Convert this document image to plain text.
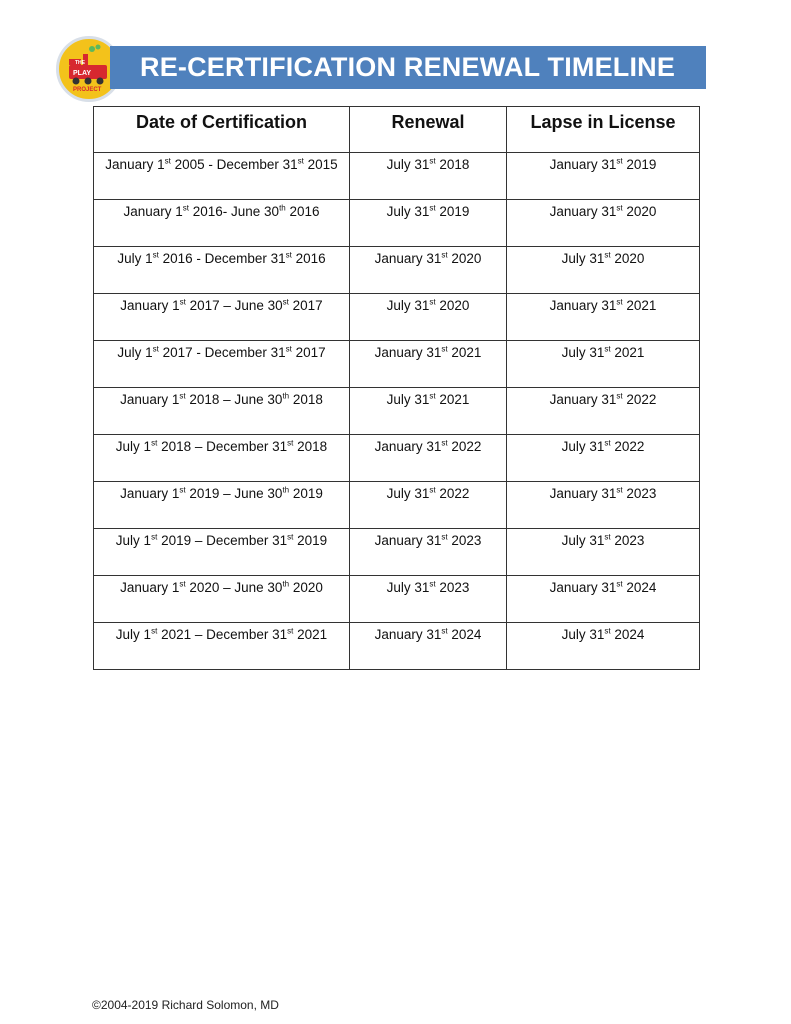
THE
PLAY
PROJECT
RE-CERTIFICATION RENEWAL TIMELINE
Date of Certification	Renewal	Lapse in License
January 1st 2005 - December 31st 2015	July 31st 2018	January 31st 2019
January 1st 2016- June 30th 2016	July 31st 2019	January 31st 2020
July 1st 2016 - December 31st 2016	January 31st 2020	July 31st 2020
January 1st 2017 – June 30st 2017	July 31st 2020	January 31st 2021
July 1st 2017 - December 31st 2017	January 31st 2021	July 31st 2021
January 1st 2018 – June 30th 2018	July 31st 2021	January 31st 2022
July 1st 2018 – December 31st 2018	January 31st 2022	July 31st 2022
January 1st 2019 – June 30th 2019	July 31st 2022	January 31st 2023
July 1st 2019 – December 31st 2019	January 31st 2023	July 31st 2023
January 1st 2020 – June 30th 2020	July 31st 2023	January 31st 2024
July 1st 2021 – December 31st 2021	January 31st 2024	July 31st 2024
©2004-2019 Richard Solomon, MD
